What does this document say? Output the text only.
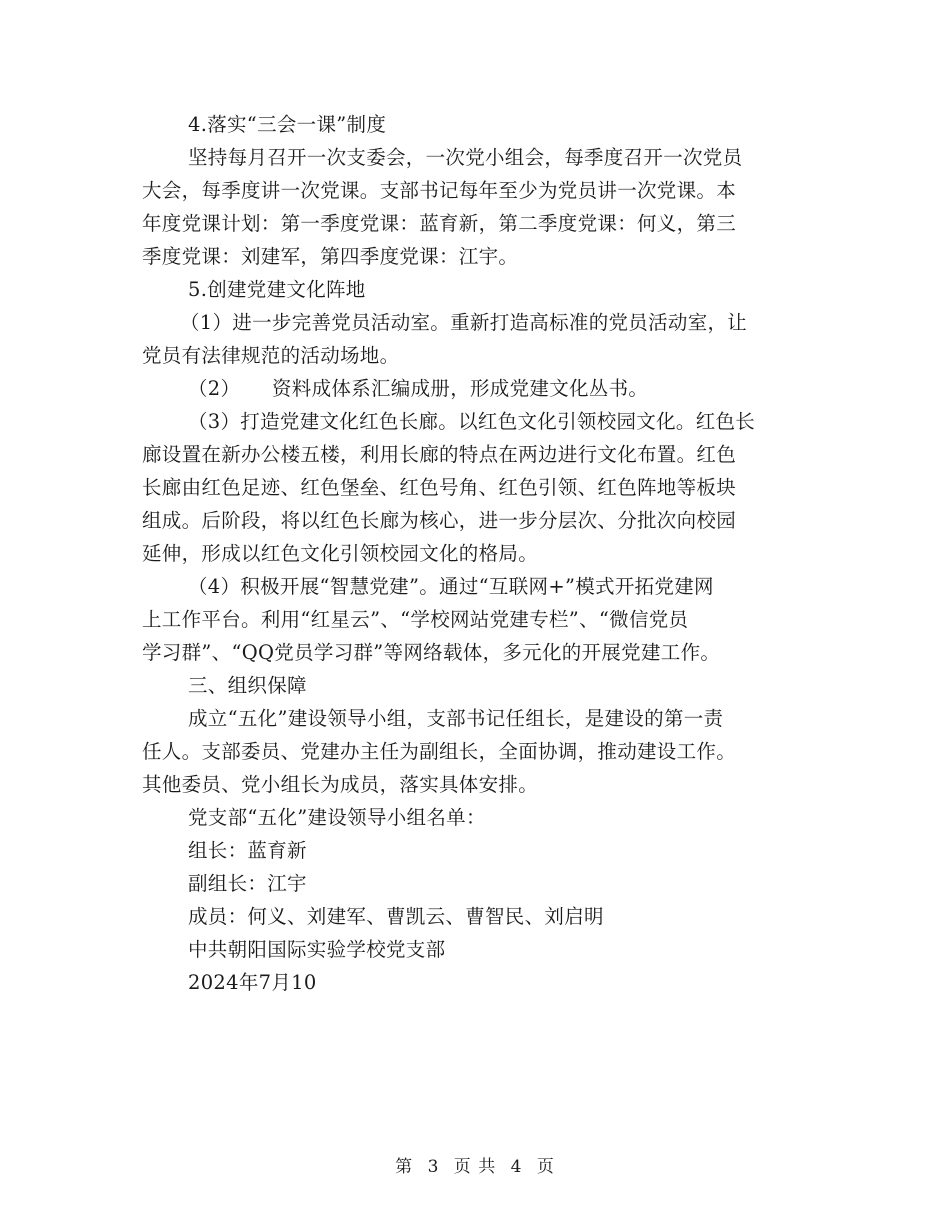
4.落实“三会一课”制度
坚持每月召开一次支委会，一次党小组会，每季度召开一次党员
大会，每季度讲一次党课。支部书记每年至少为党员讲一次党课。本
年度党课计划：第一季度党课：蓝育新，第二季度党课：何义，第三
季度党课：刘建军，第四季度党课：江宇。
5.创建党建文化阵地
（1）进一步完善党员活动室。重新打造高标准的党员活动室，让
党员有法律规范的活动场地。
（2） 资料成体系汇编成册，形成党建文化丛书。
（3）打造党建文化红色长廊。以红色文化引领校园文化。红色长
廊设置在新办公楼五楼，利用长廊的特点在两边进行文化布置。红色
长廊由红色足迹、红色堡垒、红色号角、红色引领、红色阵地等板块
组成。后阶段，将以红色长廊为核心，进一步分层次、分批次向校园
延伸，形成以红色文化引领校园文化的格局。
（4）积极开展“智慧党建”。通过“互联网+”模式开拓党建网
上工作平台。利用“红星云”、“学校网站党建专栏”、“微信党员
学习群”、“QQ党员学习群”等网络载体，多元化的开展党建工作。
三、组织保障
成立“五化”建设领导小组，支部书记任组长，是建设的第一责
任人。支部委员、党建办主任为副组长，全面协调，推动建设工作。
其他委员、党小组长为成员，落实具体安排。
党支部“五化”建设领导小组名单：
组长：蓝育新
副组长：江宇
成员：何义、刘建军、曹凯云、曹智民、刘启明
中共朝阳国际实验学校党支部
2024年7月10
第 3 页 共 4 页
